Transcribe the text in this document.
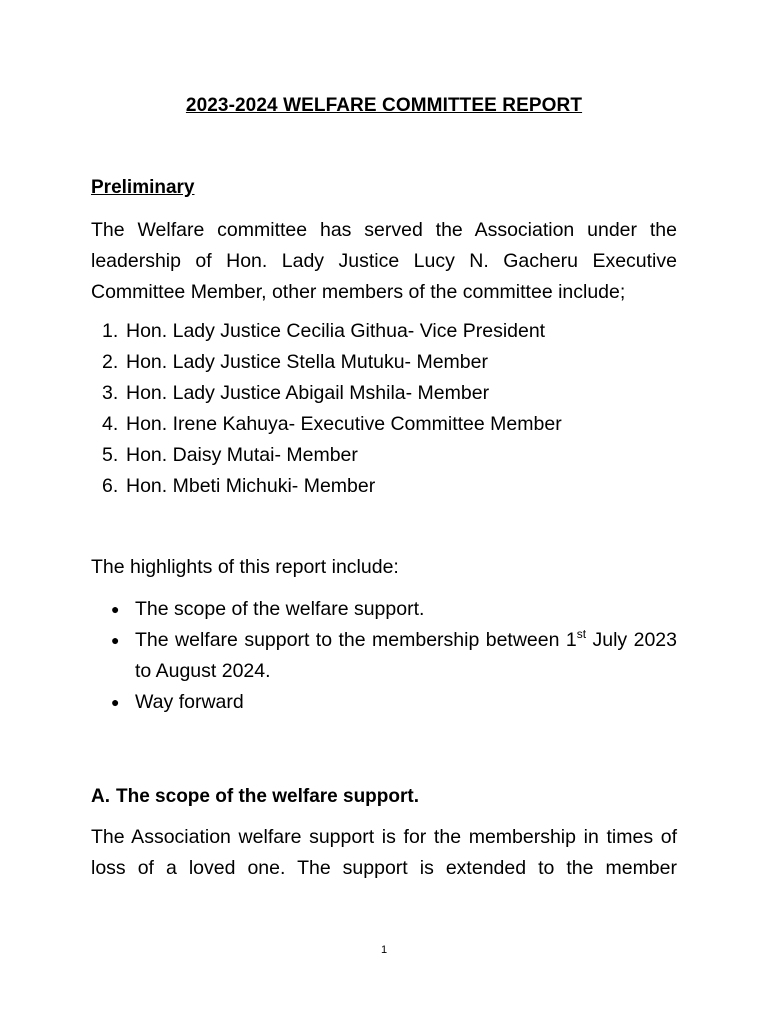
2023-2024 WELFARE COMMITTEE REPORT
Preliminary
The Welfare committee has served the Association under the leadership of Hon. Lady Justice Lucy N. Gacheru Executive Committee Member, other members of the committee include;
1. Hon. Lady Justice Cecilia Githua- Vice President
2. Hon. Lady Justice Stella Mutuku- Member
3. Hon. Lady Justice Abigail Mshila- Member
4. Hon. Irene Kahuya- Executive Committee Member
5. Hon. Daisy Mutai- Member
6. Hon. Mbeti Michuki- Member
The highlights of this report include:
● The scope of the welfare support.
● The welfare support to the membership between 1st July 2023 to August 2024.
● Way forward
A. The scope of the welfare support.
The Association welfare support is for the membership in times of loss of a loved one. The support is extended to the member
1
